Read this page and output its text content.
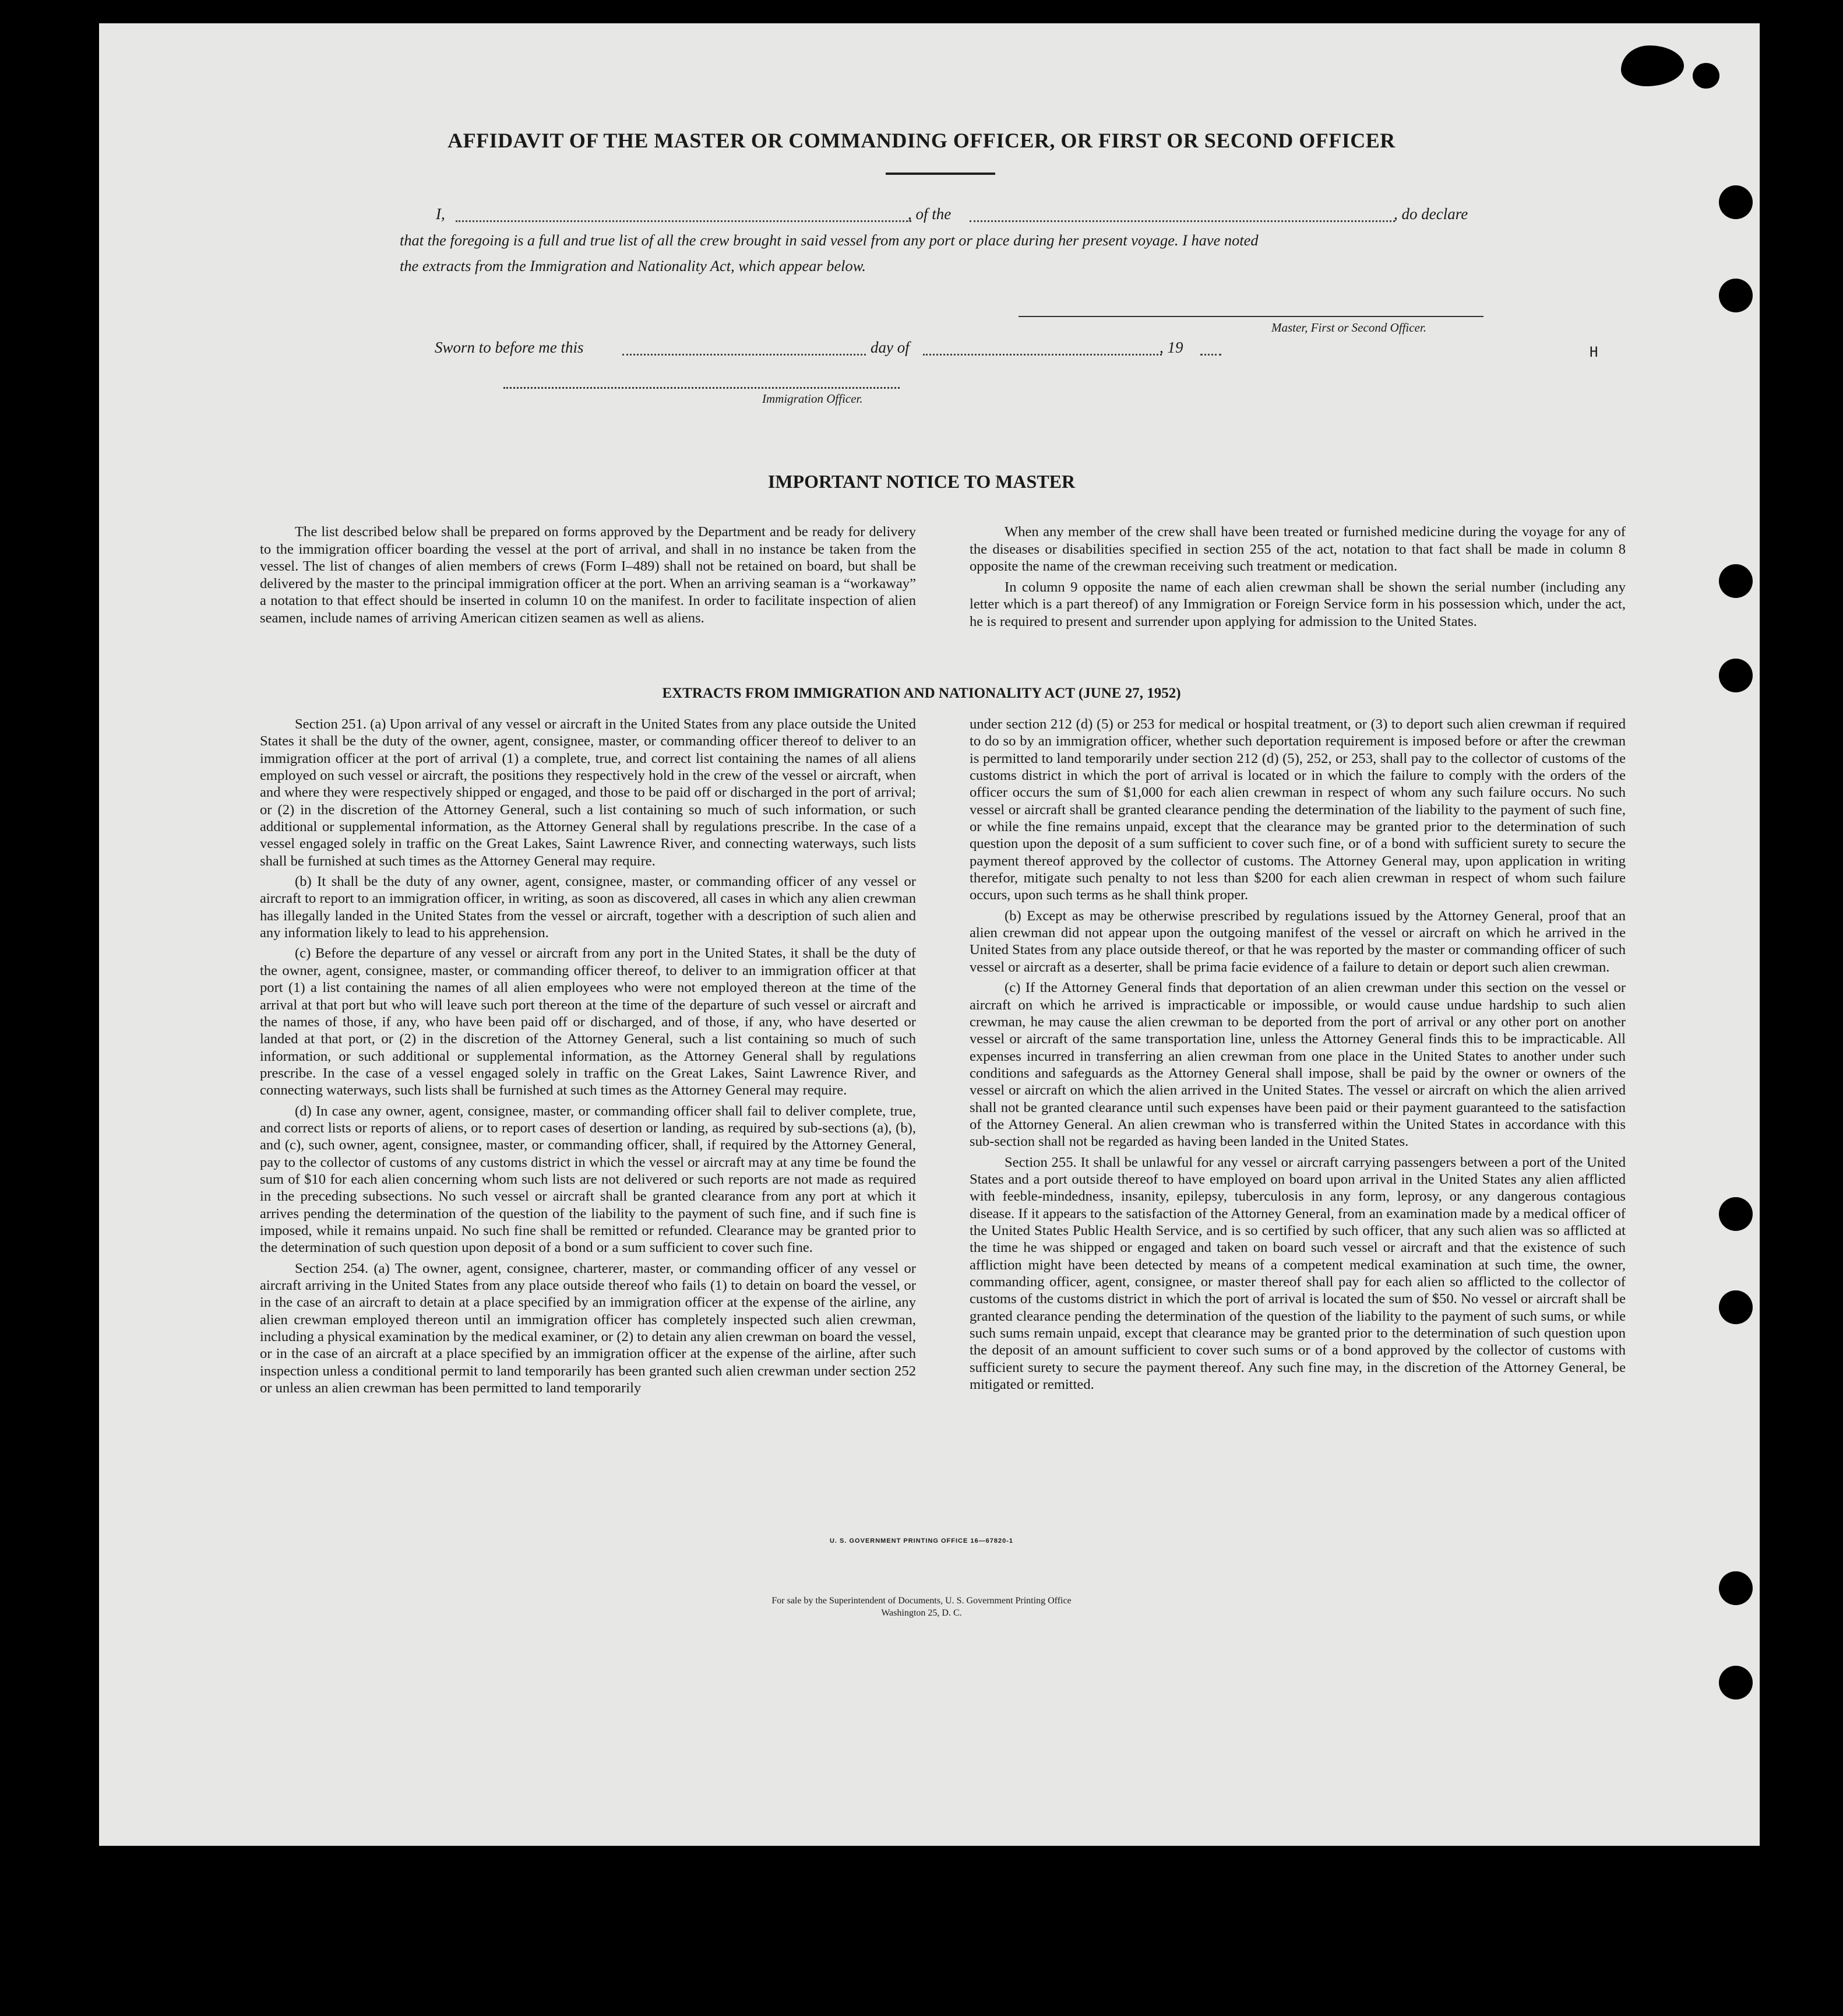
AFFIDAVIT OF THE MASTER OR COMMANDING OFFICER, OR FIRST OR SECOND OFFICER
I,	, of the	, do declare
that the foregoing is a full and true list of all the crew brought in said vessel from any port or place during her present voyage. I have noted
the extracts from the Immigration and Nationality Act, which appear below.
Master, First or Second Officer.
Sworn to before me this	day of	, 19	H
Immigration Officer.
IMPORTANT NOTICE TO MASTER

The list described below shall be prepared on forms approved by the Department and be ready for delivery to the immigration officer boarding the vessel at the port of arrival, and shall in no instance be taken from the vessel. The list of changes of alien members of crews (Form I–489) shall not be retained on board, but shall be delivered by the master to the principal immigration officer at the port. When an arriving seaman is a “workaway” a notation to that effect should be inserted in column 10 on the manifest. In order to facilitate inspection of alien seamen, include names of arriving American citizen seamen as well as aliens.

When any member of the crew shall have been treated or furnished medicine during the voyage for any of the diseases or disabilities specified in section 255 of the act, notation to that fact shall be made in column 8 opposite the name of the crewman receiving such treatment or medication.

In column 9 opposite the name of each alien crewman shall be shown the serial number (including any letter which is a part thereof) of any Immigration or Foreign Service form in his possession which, under the act, he is required to present and surrender upon applying for admission to the United States.

EXTRACTS FROM IMMIGRATION AND NATIONALITY ACT (JUNE 27, 1952)

Section 251. (a) Upon arrival of any vessel or aircraft in the United States from any place outside the United States it shall be the duty of the owner, agent, consignee, master, or commanding officer thereof to deliver to an immigration officer at the port of arrival (1) a complete, true, and correct list containing the names of all aliens employed on such vessel or aircraft, the positions they respectively hold in the crew of the vessel or aircraft, when and where they were respectively shipped or engaged, and those to be paid off or discharged in the port of arrival; or (2) in the discretion of the Attorney General, such a list containing so much of such information, or such additional or supplemental information, as the Attorney General shall by regulations prescribe. In the case of a vessel engaged solely in traffic on the Great Lakes, Saint Lawrence River, and connecting waterways, such lists shall be furnished at such times as the Attorney General may require.

(b) It shall be the duty of any owner, agent, consignee, master, or commanding officer of any vessel or aircraft to report to an immigration officer, in writing, as soon as discovered, all cases in which any alien crewman has illegally landed in the United States from the vessel or aircraft, together with a description of such alien and any information likely to lead to his apprehension.

(c) Before the departure of any vessel or aircraft from any port in the United States, it shall be the duty of the owner, agent, consignee, master, or commanding officer thereof, to deliver to an immigration officer at that port (1) a list containing the names of all alien employees who were not employed thereon at the time of the arrival at that port but who will leave such port thereon at the time of the departure of such vessel or aircraft and the names of those, if any, who have been paid off or discharged, and of those, if any, who have deserted or landed at that port, or (2) in the discretion of the Attorney General, such a list containing so much of such information, or such additional or supplemental information, as the Attorney General shall by regulations prescribe. In the case of a vessel engaged solely in traffic on the Great Lakes, Saint Lawrence River, and connecting waterways, such lists shall be furnished at such times as the Attorney General may require.

(d) In case any owner, agent, consignee, master, or commanding officer shall fail to deliver complete, true, and correct lists or reports of aliens, or to report cases of desertion or landing, as required by sub-sections (a), (b), and (c), such owner, agent, consignee, master, or commanding officer, shall, if required by the Attorney General, pay to the collector of customs of any customs district in which the vessel or aircraft may at any time be found the sum of $10 for each alien concerning whom such lists are not delivered or such reports are not made as required in the preceding subsections. No such vessel or aircraft shall be granted clearance from any port at which it arrives pending the determination of the question of the liability to the payment of such fine, and if such fine is imposed, while it remains unpaid. No such fine shall be remitted or refunded. Clearance may be granted prior to the determination of such question upon deposit of a bond or a sum sufficient to cover such fine.

Section 254. (a) The owner, agent, consignee, charterer, master, or commanding officer of any vessel or aircraft arriving in the United States from any place outside thereof who fails (1) to detain on board the vessel, or in the case of an aircraft to detain at a place specified by an immigration officer at the expense of the airline, any alien crewman employed thereon until an immigration officer has completely inspected such alien crewman, including a physical examination by the medical examiner, or (2) to detain any alien crewman on board the vessel, or in the case of an aircraft at a place specified by an immigration officer at the expense of the airline, after such inspection unless a conditional permit to land temporarily has been granted such alien crewman under section 252 or unless an alien crewman has been permitted to land temporarily

under section 212 (d) (5) or 253 for medical or hospital treatment, or (3) to deport such alien crewman if required to do so by an immigration officer, whether such deportation requirement is imposed before or after the crewman is permitted to land temporarily under section 212 (d) (5), 252, or 253, shall pay to the collector of customs of the customs district in which the port of arrival is located or in which the failure to comply with the orders of the officer occurs the sum of $1,000 for each alien crewman in respect of whom any such failure occurs. No such vessel or aircraft shall be granted clearance pending the determination of the liability to the payment of such fine, or while the fine remains unpaid, except that the clearance may be granted prior to the determination of such question upon the deposit of a sum sufficient to cover such fine, or of a bond with sufficient surety to secure the payment thereof approved by the collector of customs. The Attorney General may, upon application in writing therefor, mitigate such penalty to not less than $200 for each alien crewman in respect of whom such failure occurs, upon such terms as he shall think proper.

(b) Except as may be otherwise prescribed by regulations issued by the Attorney General, proof that an alien crewman did not appear upon the outgoing manifest of the vessel or aircraft on which he arrived in the United States from any place outside thereof, or that he was reported by the master or commanding officer of such vessel or aircraft as a deserter, shall be prima facie evidence of a failure to detain or deport such alien crewman.

(c) If the Attorney General finds that deportation of an alien crewman under this section on the vessel or aircraft on which he arrived is impracticable or impossible, or would cause undue hardship to such alien crewman, he may cause the alien crewman to be deported from the port of arrival or any other port on another vessel or aircraft of the same transportation line, unless the Attorney General finds this to be impracticable. All expenses incurred in transferring an alien crewman from one place in the United States to another under such conditions and safeguards as the Attorney General shall impose, shall be paid by the owner or owners of the vessel or aircraft on which the alien arrived in the United States. The vessel or aircraft on which the alien arrived shall not be granted clearance until such expenses have been paid or their payment guaranteed to the satisfaction of the Attorney General. An alien crewman who is transferred within the United States in accordance with this sub-section shall not be regarded as having been landed in the United States.

Section 255. It shall be unlawful for any vessel or aircraft carrying passengers between a port of the United States and a port outside thereof to have employed on board upon arrival in the United States any alien afflicted with feeble-mindedness, insanity, epilepsy, tuberculosis in any form, leprosy, or any dangerous contagious disease. If it appears to the satisfaction of the Attorney General, from an examination made by a medical officer of the United States Public Health Service, and is so certified by such officer, that any such alien was so afflicted at the time he was shipped or engaged and taken on board such vessel or aircraft and that the existence of such affliction might have been detected by means of a competent medical examination at such time, the owner, commanding officer, agent, consignee, or master thereof shall pay for each alien so afflicted to the collector of customs of the customs district in which the port of arrival is located the sum of $50. No vessel or aircraft shall be granted clearance pending the determination of the question of the liability to the payment of such sums, or while such sums remain unpaid, except that clearance may be granted prior to the determination of such question upon the deposit of an amount sufficient to cover such sums or of a bond approved by the collector of customs with sufficient surety to secure the payment thereof. Any such fine may, in the discretion of the Attorney General, be mitigated or remitted.

U. S. GOVERNMENT PRINTING OFFICE 16—67820-1
For sale by the Superintendent of Documents, U. S. Government Printing Office
Washington 25, D. C.
